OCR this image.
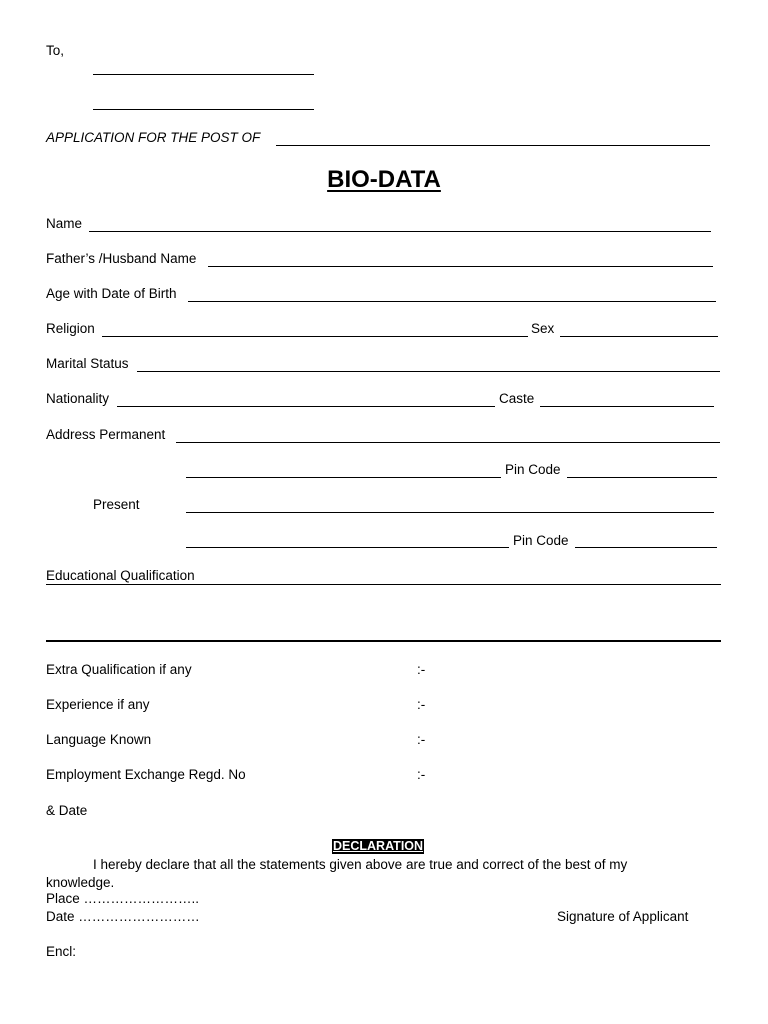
To,
APPLICATION FOR THE POST OF
BIO-DATA
Name
Father’s /Husband Name
Age with Date of Birth
Religion	Sex
Marital Status
Nationality	Caste
Address Permanent
Pin Code
Present
Pin Code
Educational Qualification
Extra Qualification if any	:-
Experience if any	:-
Language Known	:-
Employment Exchange Regd. No	:-
& Date
DECLARATION
I hereby declare that all the statements given above are true and correct of the best of my knowledge.
Place ……………………..
Date ………………………	Signature of Applicant
Encl:
